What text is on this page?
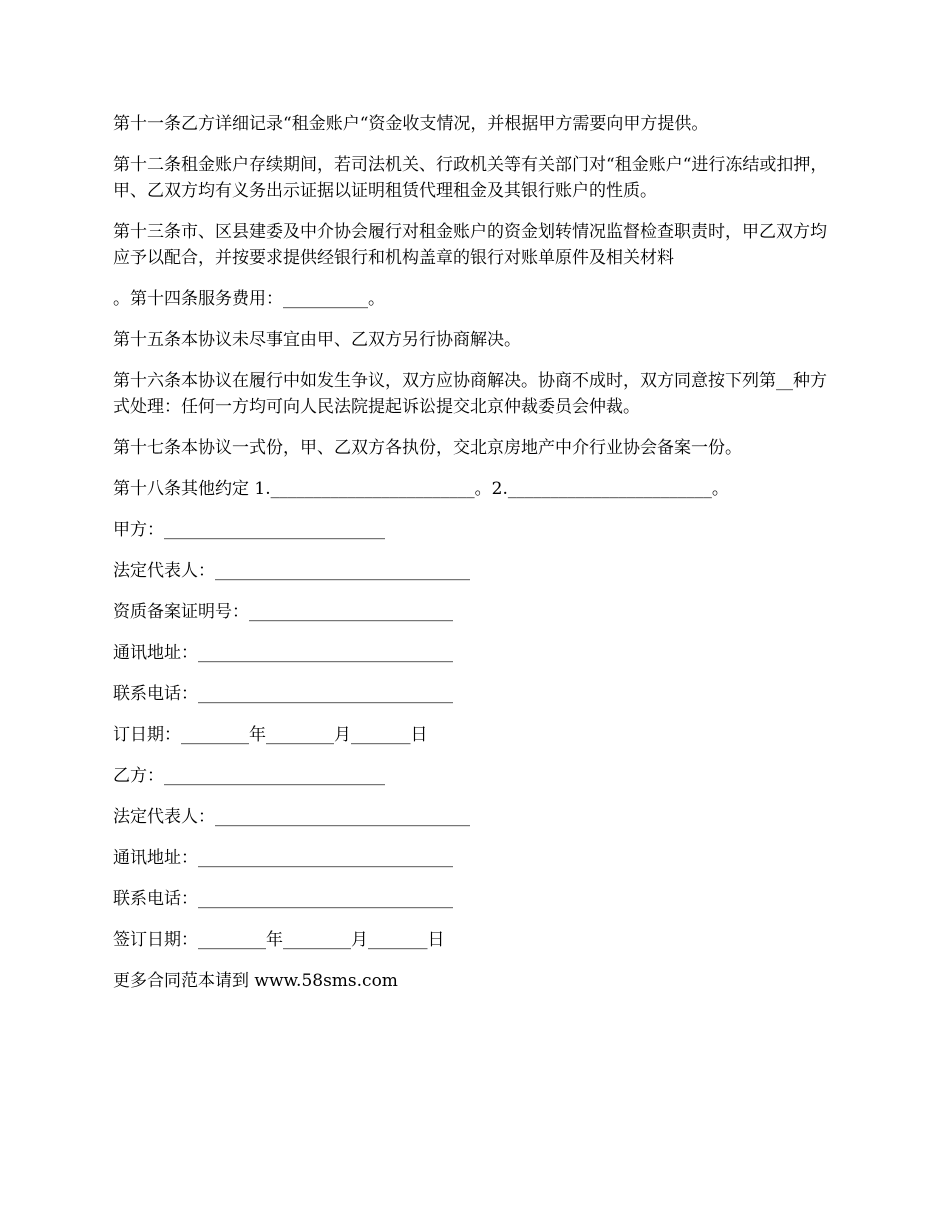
第十一条乙方详细记录“租金账户“资金收支情况，并根据甲方需要向甲方提供。

第十二条租金账户存续期间，若司法机关、行政机关等有关部门对“租金账户“进行冻结或扣押，甲、乙双方均有义务出示证据以证明租赁代理租金及其银行账户的性质。

第十三条市、区县建委及中介协会履行对租金账户的资金划转情况监督检查职责时，甲乙双方均应予以配合，并按要求提供经银行和机构盖章的银行对账单原件及相关材料

。第十四条服务费用：__________。

第十五条本协议未尽事宜由甲、乙双方另行协商解决。

第十六条本协议在履行中如发生争议，双方应协商解决。协商不成时，双方同意按下列第__种方式处理：任何一方均可向人民法院提起诉讼提交北京仲裁委员会仲裁。

第十七条本协议一式份，甲、乙双方各执份，交北京房地产中介行业协会备案一份。

第十八条其他约定 1.________________________。2.________________________。

甲方：__________________________

法定代表人：______________________________

资质备案证明号：________________________

通讯地址：______________________________

联系电话：______________________________

订日期：________年________月_______日

乙方：__________________________

法定代表人：______________________________

通讯地址：______________________________

联系电话：______________________________

签订日期：________年________月_______日

更多合同范本请到 www.58sms.com
